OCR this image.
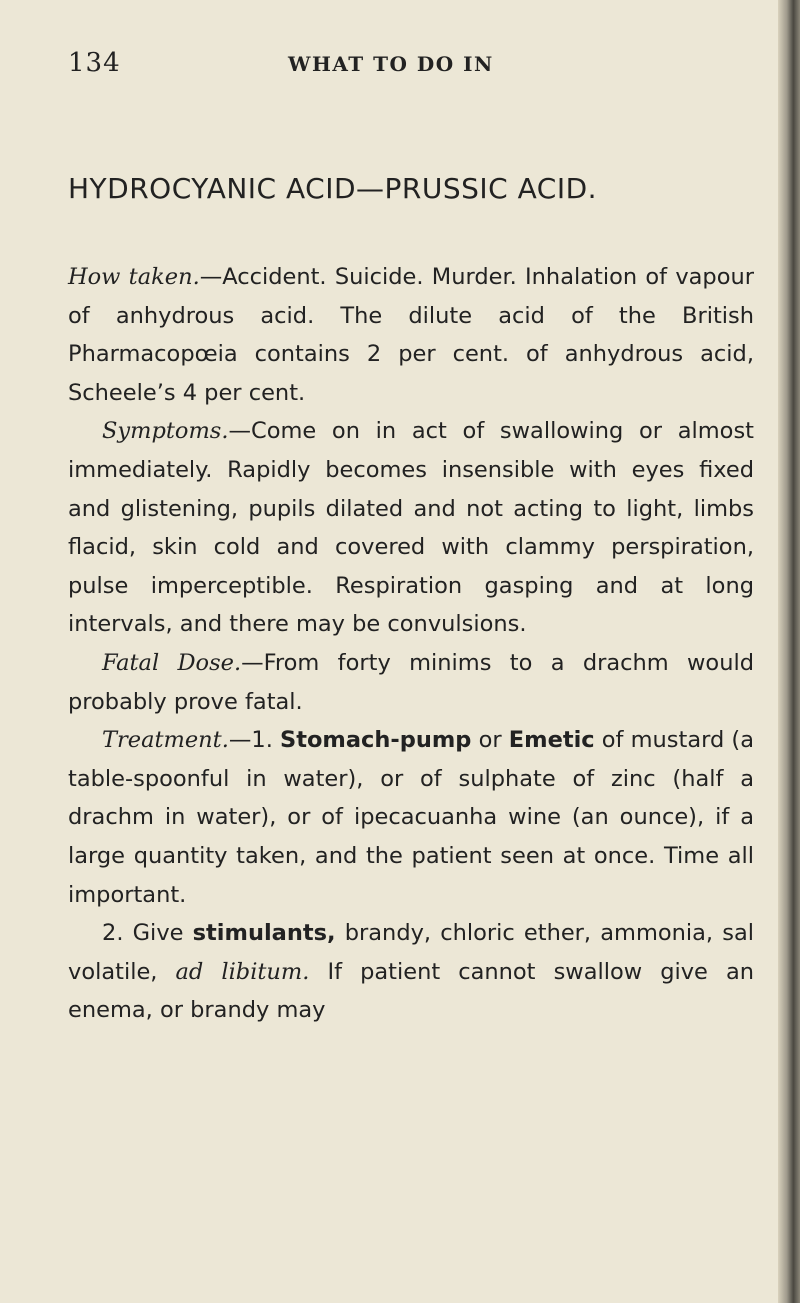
134	WHAT TO DO IN
HYDROCYANIC ACID—PRUSSIC ACID.

How taken.—Accident. Suicide. Murder. Inhalation of vapour of anhydrous acid. The dilute acid of the British Pharmacopœia contains 2 per cent. of anhydrous acid, Scheele’s 4 per cent.

Symptoms.—Come on in act of swallowing or almost immediately. Rapidly becomes insensible with eyes fixed and glistening, pupils dilated and not acting to light, limbs flacid, skin cold and covered with clammy perspiration, pulse imperceptible. Respiration gasping and at long intervals, and there may be convulsions.

Fatal Dose.—From forty minims to a drachm would probably prove fatal.

Treatment.—1. Stomach-pump or Emetic of mustard (a table-spoonful in water), or of sulphate of zinc (half a drachm in water), or of ipecacuanha wine (an ounce), if a large quantity taken, and the patient seen at once. Time all important.

2. Give stimulants, brandy, chloric ether, ammonia, sal volatile, ad libitum. If patient cannot swallow give an enema, or brandy may
